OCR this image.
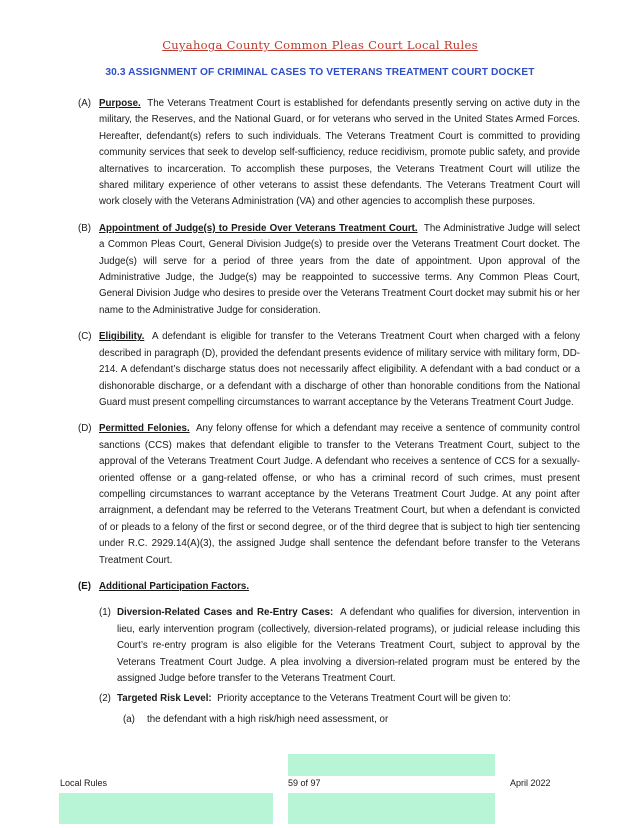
Cuyahoga County Common Pleas Court Local Rules
30.3 ASSIGNMENT OF CRIMINAL CASES TO VETERANS TREATMENT COURT DOCKET
(A) Purpose. The Veterans Treatment Court is established for defendants presently serving on active duty in the military, the Reserves, and the National Guard, or for veterans who served in the United States Armed Forces. Hereafter, defendant(s) refers to such individuals. The Veterans Treatment Court is committed to providing community services that seek to develop self-sufficiency, reduce recidivism, promote public safety, and provide alternatives to incarceration. To accomplish these purposes, the Veterans Treatment Court will utilize the shared military experience of other veterans to assist these defendants. The Veterans Treatment Court will work closely with the Veterans Administration (VA) and other agencies to accomplish these purposes.
(B) Appointment of Judge(s) to Preside Over Veterans Treatment Court. The Administrative Judge will select a Common Pleas Court, General Division Judge(s) to preside over the Veterans Treatment Court docket. The Judge(s) will serve for a period of three years from the date of appointment. Upon approval of the Administrative Judge, the Judge(s) may be reappointed to successive terms. Any Common Pleas Court, General Division Judge who desires to preside over the Veterans Treatment Court docket may submit his or her name to the Administrative Judge for consideration.
(C) Eligibility. A defendant is eligible for transfer to the Veterans Treatment Court when charged with a felony described in paragraph (D), provided the defendant presents evidence of military service with military form, DD-214. A defendant’s discharge status does not necessarily affect eligibility. A defendant with a bad conduct or a dishonorable discharge, or a defendant with a discharge of other than honorable conditions from the National Guard must present compelling circumstances to warrant acceptance by the Veterans Treatment Court Judge.
(D) Permitted Felonies. Any felony offense for which a defendant may receive a sentence of community control sanctions (CCS) makes that defendant eligible to transfer to the Veterans Treatment Court, subject to the approval of the Veterans Treatment Court Judge. A defendant who receives a sentence of CCS for a sexually-oriented offense or a gang-related offense, or who has a criminal record of such crimes, must present compelling circumstances to warrant acceptance by the Veterans Treatment Court Judge. At any point after arraignment, a defendant may be referred to the Veterans Treatment Court, but when a defendant is convicted of or pleads to a felony of the first or second degree, or of the third degree that is subject to high tier sentencing under R.C. 2929.14(A)(3), the assigned Judge shall sentence the defendant before transfer to the Veterans Treatment Court.
(E) Additional Participation Factors.
(1) Diversion-Related Cases and Re-Entry Cases: A defendant who qualifies for diversion, intervention in lieu, early intervention program (collectively, diversion-related programs), or judicial release including this Court’s re-entry program is also eligible for the Veterans Treatment Court, subject to approval by the Veterans Treatment Court Judge. A plea involving a diversion-related program must be entered by the assigned Judge before transfer to the Veterans Treatment Court.
(2) Targeted Risk Level: Priority acceptance to the Veterans Treatment Court will be given to:
(a) the defendant with a high risk/high need assessment, or
Local Rules	59 of 97	April 2022
